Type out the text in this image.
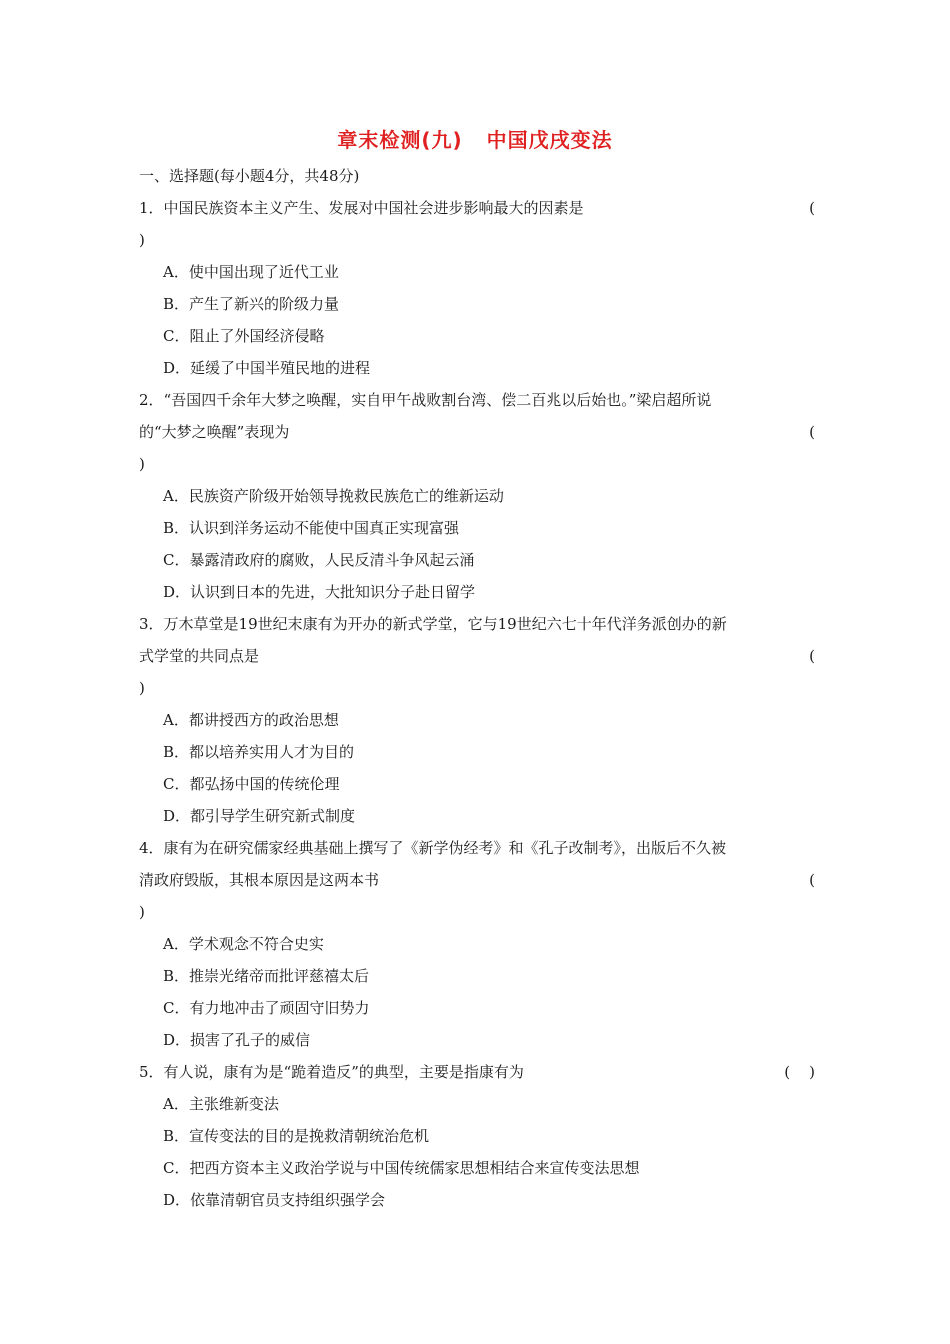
章末检测(九)   中国戊戌变法
一、选择题(每小题4分，共48分)
1．中国民族资本主义产生、发展对中国社会进步影响最大的因素是	(
)
A．使中国出现了近代工业
B．产生了新兴的阶级力量
C．阻止了外国经济侵略
D．延缓了中国半殖民地的进程
2．“吾国四千余年大梦之唤醒，实自甲午战败割台湾、偿二百兆以后始也。”梁启超所说
的“大梦之唤醒”表现为	(
)
A．民族资产阶级开始领导挽救民族危亡的维新运动
B．认识到洋务运动不能使中国真正实现富强
C．暴露清政府的腐败，人民反清斗争风起云涌
D．认识到日本的先进，大批知识分子赴日留学
3．万木草堂是19世纪末康有为开办的新式学堂，它与19世纪六七十年代洋务派创办的新
式学堂的共同点是	(
)
A．都讲授西方的政治思想
B．都以培养实用人才为目的
C．都弘扬中国的传统伦理
D．都引导学生研究新式制度
4．康有为在研究儒家经典基础上撰写了《新学伪经考》和《孔子改制考》，出版后不久被
清政府毁版，其根本原因是这两本书	(
)
A．学术观念不符合史实
B．推崇光绪帝而批评慈禧太后
C．有力地冲击了顽固守旧势力
D．损害了孔子的威信
5．有人说，康有为是“跪着造反”的典型，主要是指康有为	(    )
A．主张维新变法
B．宣传变法的目的是挽救清朝统治危机
C．把西方资本主义政治学说与中国传统儒家思想相结合来宣传变法思想
D．依靠清朝官员支持组织强学会
